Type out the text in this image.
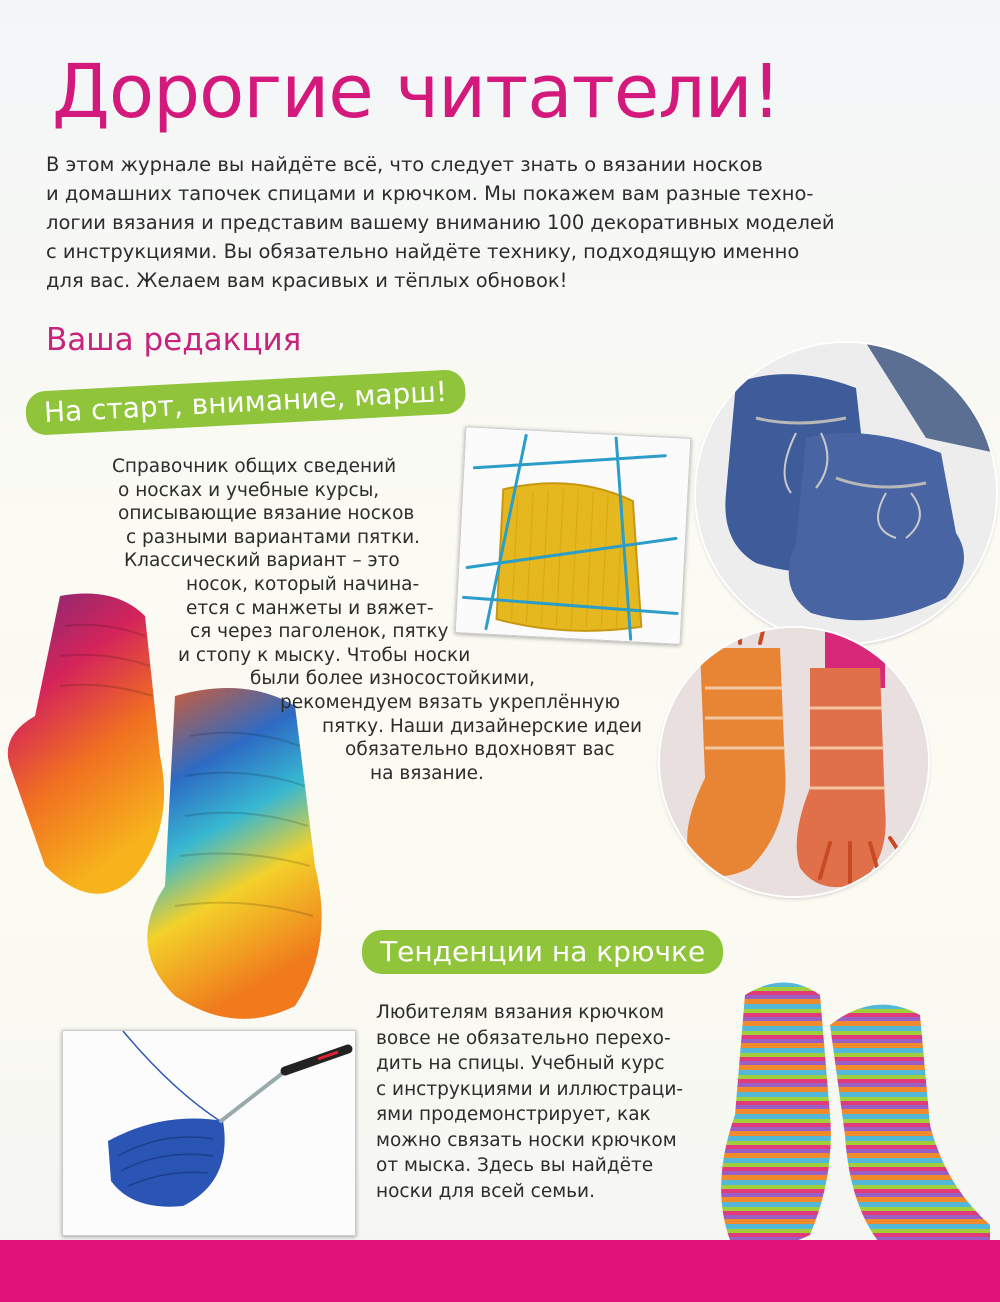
Дорогие читатели!
В этом журнале вы найдёте всё, что следует знать о вязании носков
и домашних тапочек спицами и крючком. Мы покажем вам разные техно-
логии вязания и представим вашему вниманию 100 декоративных моделей
с инструкциями. Вы обязательно найдёте технику, подходящую именно
для вас. Желаем вам красивых и тёплых обновок!
Ваша редакция
На старт, внимание, марш!
Справочник общих сведений
о носках и учебные курсы,
описывающие вязание носков
с разными вариантами пятки.
Классический вариант – это
носок, который начина-
ется с манжеты и вяжет-
ся через паголенок, пятку
и стопу к мыску. Чтобы носки
были более износостойкими,
рекомендуем вязать укреплённую
пятку. Наши дизайнерские идеи
обязательно вдохновят вас
на вязание.
Тенденции на крючке
Любителям вязания крючком
вовсе не обязательно перехо-
дить на спицы. Учебный курс
с инструкциями и иллюстраци-
ями продемонстрирует, как
можно связать носки крючком
от мыска. Здесь вы найдёте
носки для всей семьи.
